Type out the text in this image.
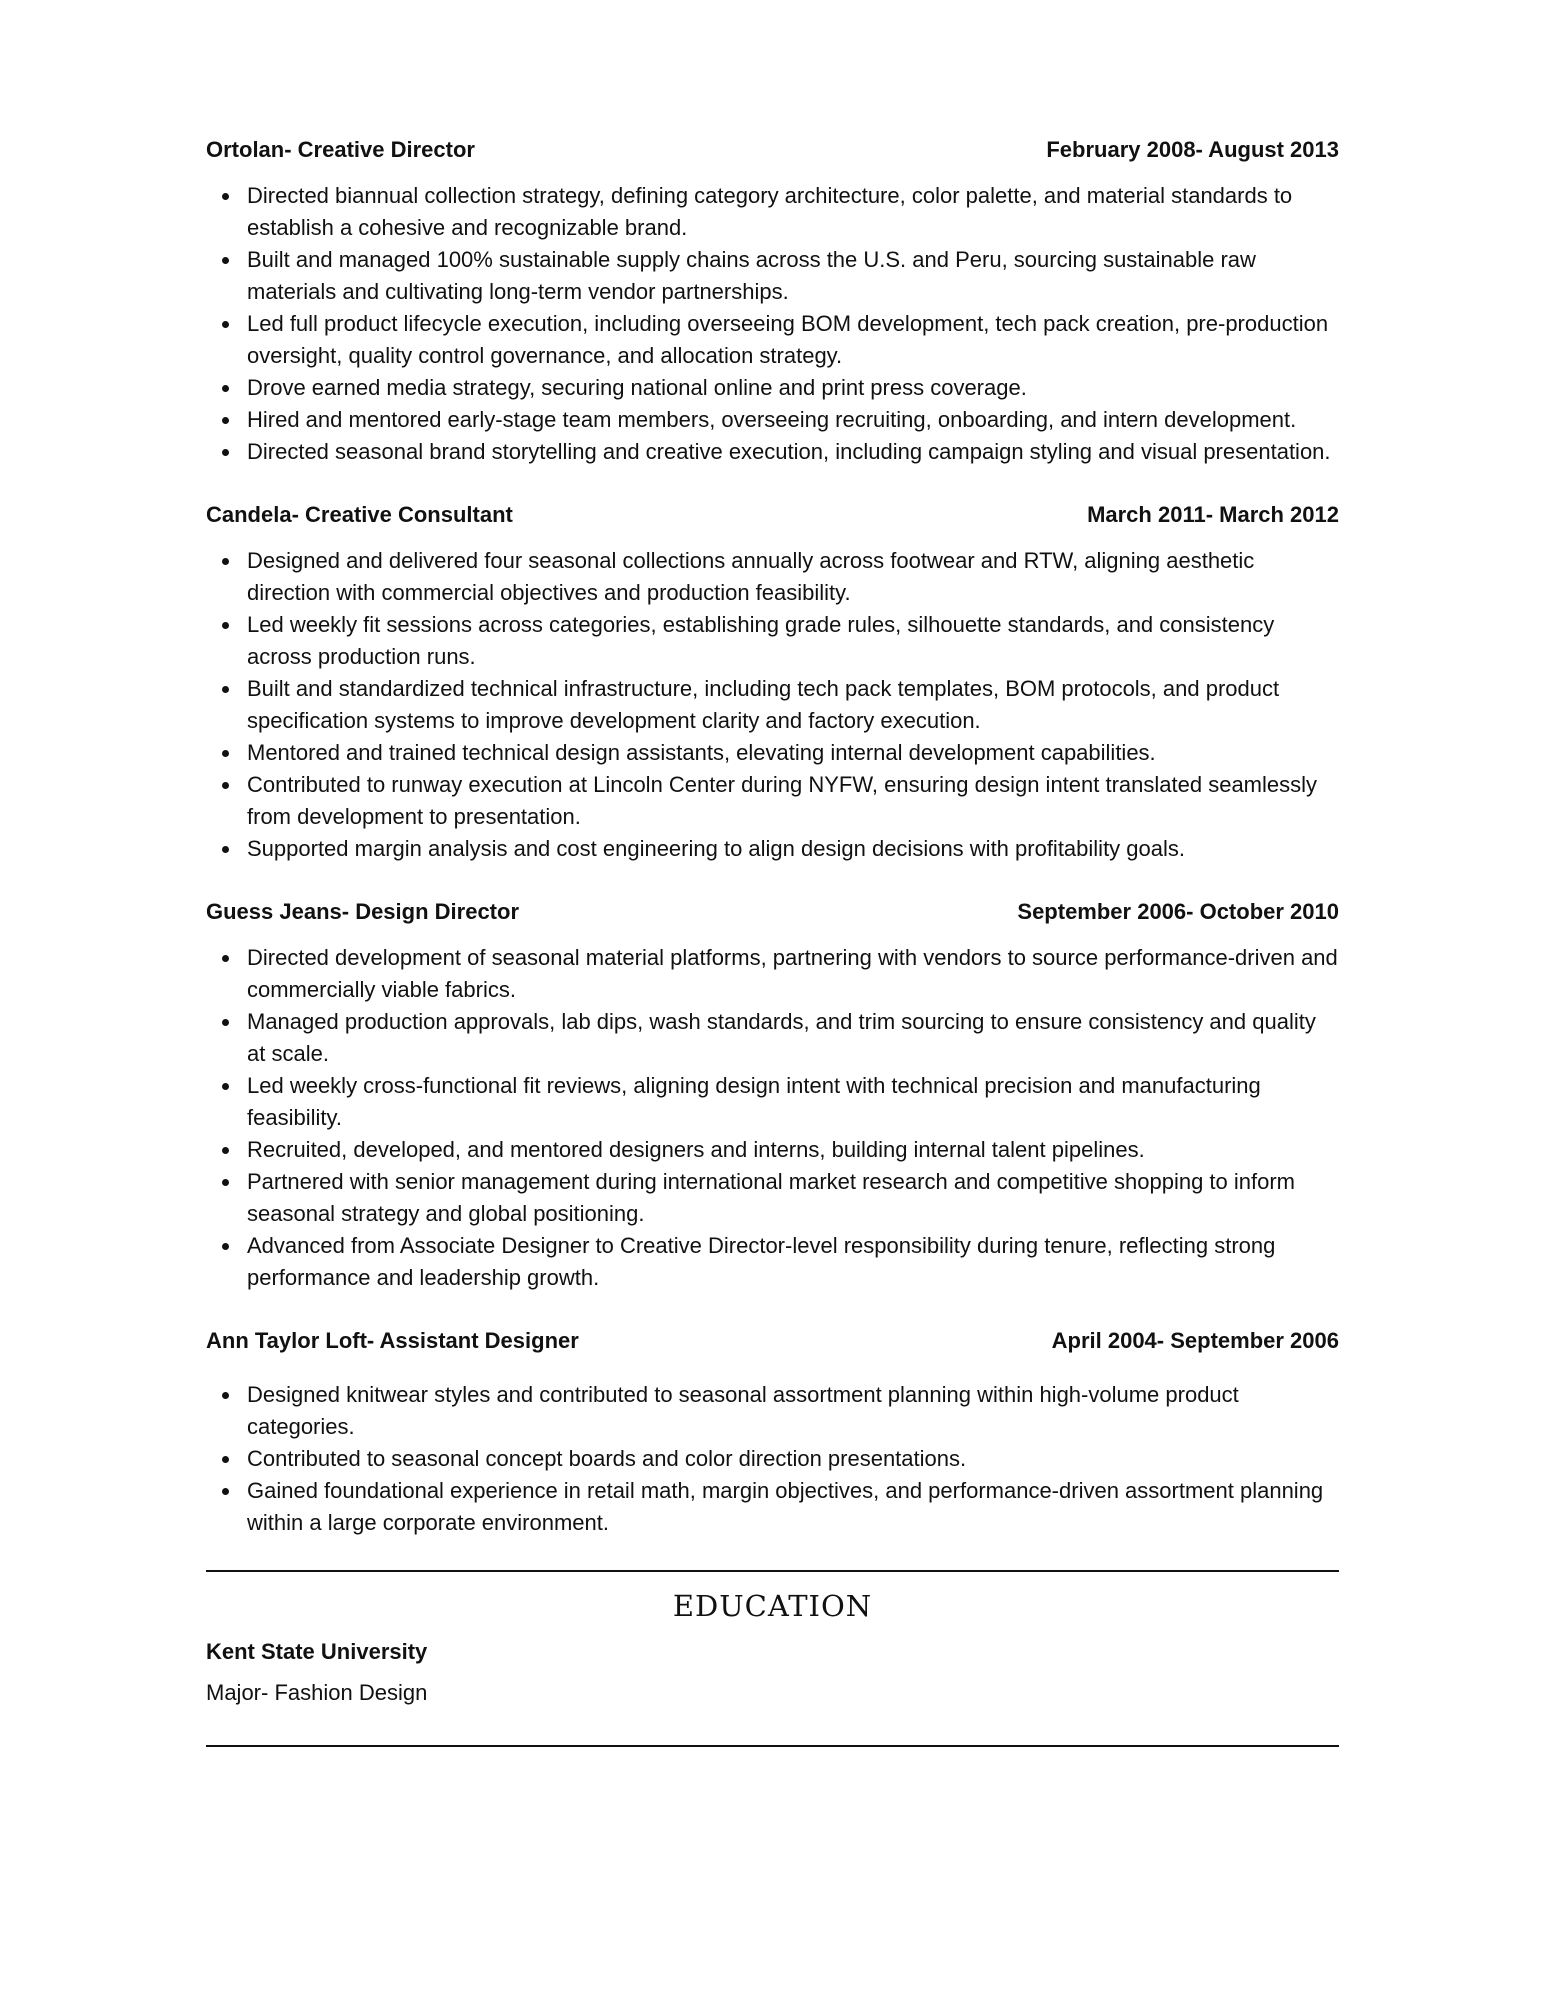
Ortolan- Creative Director	February 2008- August 2013
Directed biannual collection strategy, defining category architecture, color palette, and material standards to establish a cohesive and recognizable brand.
Built and managed 100% sustainable supply chains across the U.S. and Peru, sourcing sustainable raw materials and cultivating long-term vendor partnerships.
Led full product lifecycle execution, including overseeing BOM development, tech pack creation, pre-production oversight, quality control governance, and allocation strategy.
Drove earned media strategy, securing national online and print press coverage.
Hired and mentored early-stage team members, overseeing recruiting, onboarding, and intern development.
Directed seasonal brand storytelling and creative execution, including campaign styling and visual presentation.
Candela- Creative Consultant	March 2011- March 2012
Designed and delivered four seasonal collections annually across footwear and RTW, aligning aesthetic direction with commercial objectives and production feasibility.
Led weekly fit sessions across categories, establishing grade rules, silhouette standards, and consistency across production runs.
Built and standardized technical infrastructure, including tech pack templates, BOM protocols, and product specification systems to improve development clarity and factory execution.
Mentored and trained technical design assistants, elevating internal development capabilities.
Contributed to runway execution at Lincoln Center during NYFW, ensuring design intent translated seamlessly from development to presentation.
Supported margin analysis and cost engineering to align design decisions with profitability goals.
Guess Jeans- Design Director	September 2006- October 2010
Directed development of seasonal material platforms, partnering with vendors to source performance-driven and commercially viable fabrics.
Managed production approvals, lab dips, wash standards, and trim sourcing to ensure consistency and quality at scale.
Led weekly cross-functional fit reviews, aligning design intent with technical precision and manufacturing feasibility.
Recruited, developed, and mentored designers and interns, building internal talent pipelines.
Partnered with senior management during international market research and competitive shopping to inform seasonal strategy and global positioning.
Advanced from Associate Designer to Creative Director-level responsibility during tenure, reflecting strong performance and leadership growth.
Ann Taylor Loft- Assistant Designer	April 2004- September 2006
Designed knitwear styles and contributed to seasonal assortment planning within high-volume product categories.
Contributed to seasonal concept boards and color direction presentations.
Gained foundational experience in retail math, margin objectives, and performance-driven assortment planning within a large corporate environment.
EDUCATION
Kent State University
Major- Fashion Design
